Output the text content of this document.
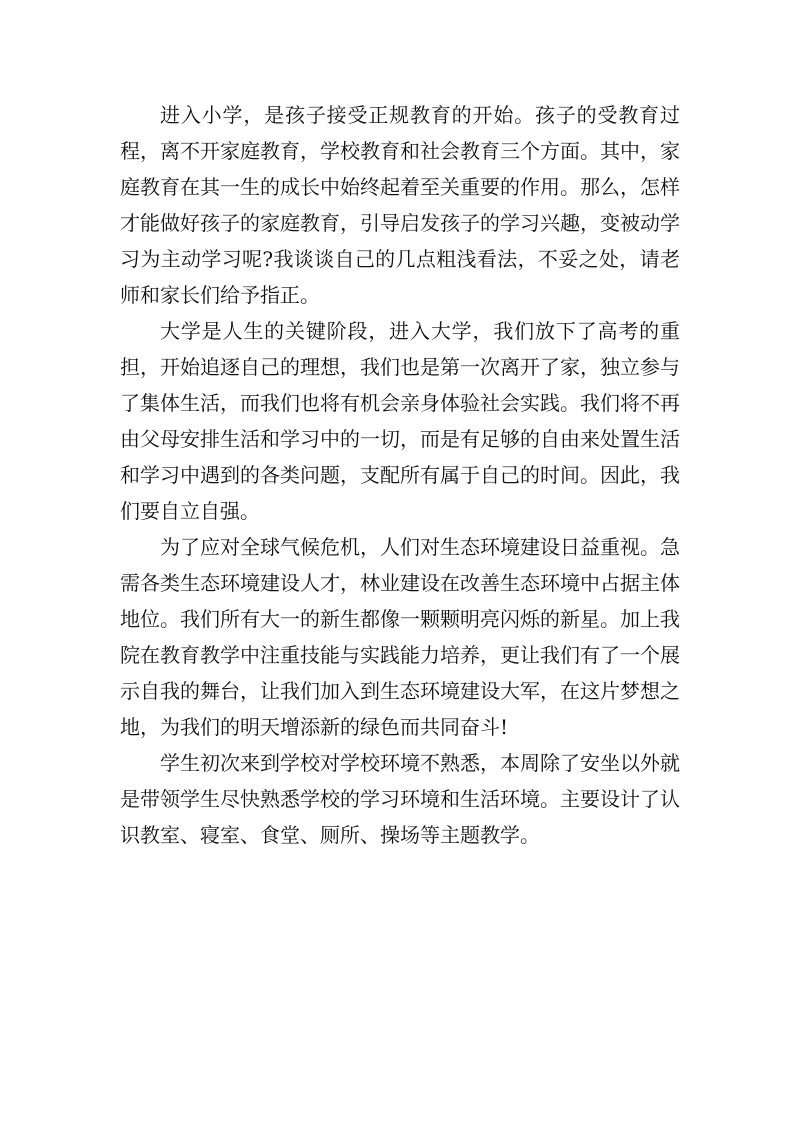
进入小学，是孩子接受正规教育的开始。孩子的受教育过程，离不开家庭教育，学校教育和社会教育三个方面。其中，家庭教育在其一生的成长中始终起着至关重要的作用。那么，怎样才能做好孩子的家庭教育，引导启发孩子的学习兴趣，变被动学习为主动学习呢?我谈谈自己的几点粗浅看法，不妥之处，请老师和家长们给予指正。

大学是人生的关键阶段，进入大学，我们放下了高考的重担，开始追逐自己的理想，我们也是第一次离开了家，独立参与了集体生活，而我们也将有机会亲身体验社会实践。我们将不再由父母安排生活和学习中的一切，而是有足够的自由来处置生活和学习中遇到的各类问题，支配所有属于自己的时间。因此，我们要自立自强。

为了应对全球气候危机，人们对生态环境建设日益重视。急需各类生态环境建设人才，林业建设在改善生态环境中占据主体地位。我们所有大一的新生都像一颗颗明亮闪烁的新星。加上我院在教育教学中注重技能与实践能力培养，更让我们有了一个展示自我的舞台，让我们加入到生态环境建设大军，在这片梦想之地，为我们的明天增添新的绿色而共同奋斗!

学生初次来到学校对学校环境不熟悉，本周除了安坐以外就是带领学生尽快熟悉学校的学习环境和生活环境。主要设计了认识教室、寝室、食堂、厕所、操场等主题教学。
